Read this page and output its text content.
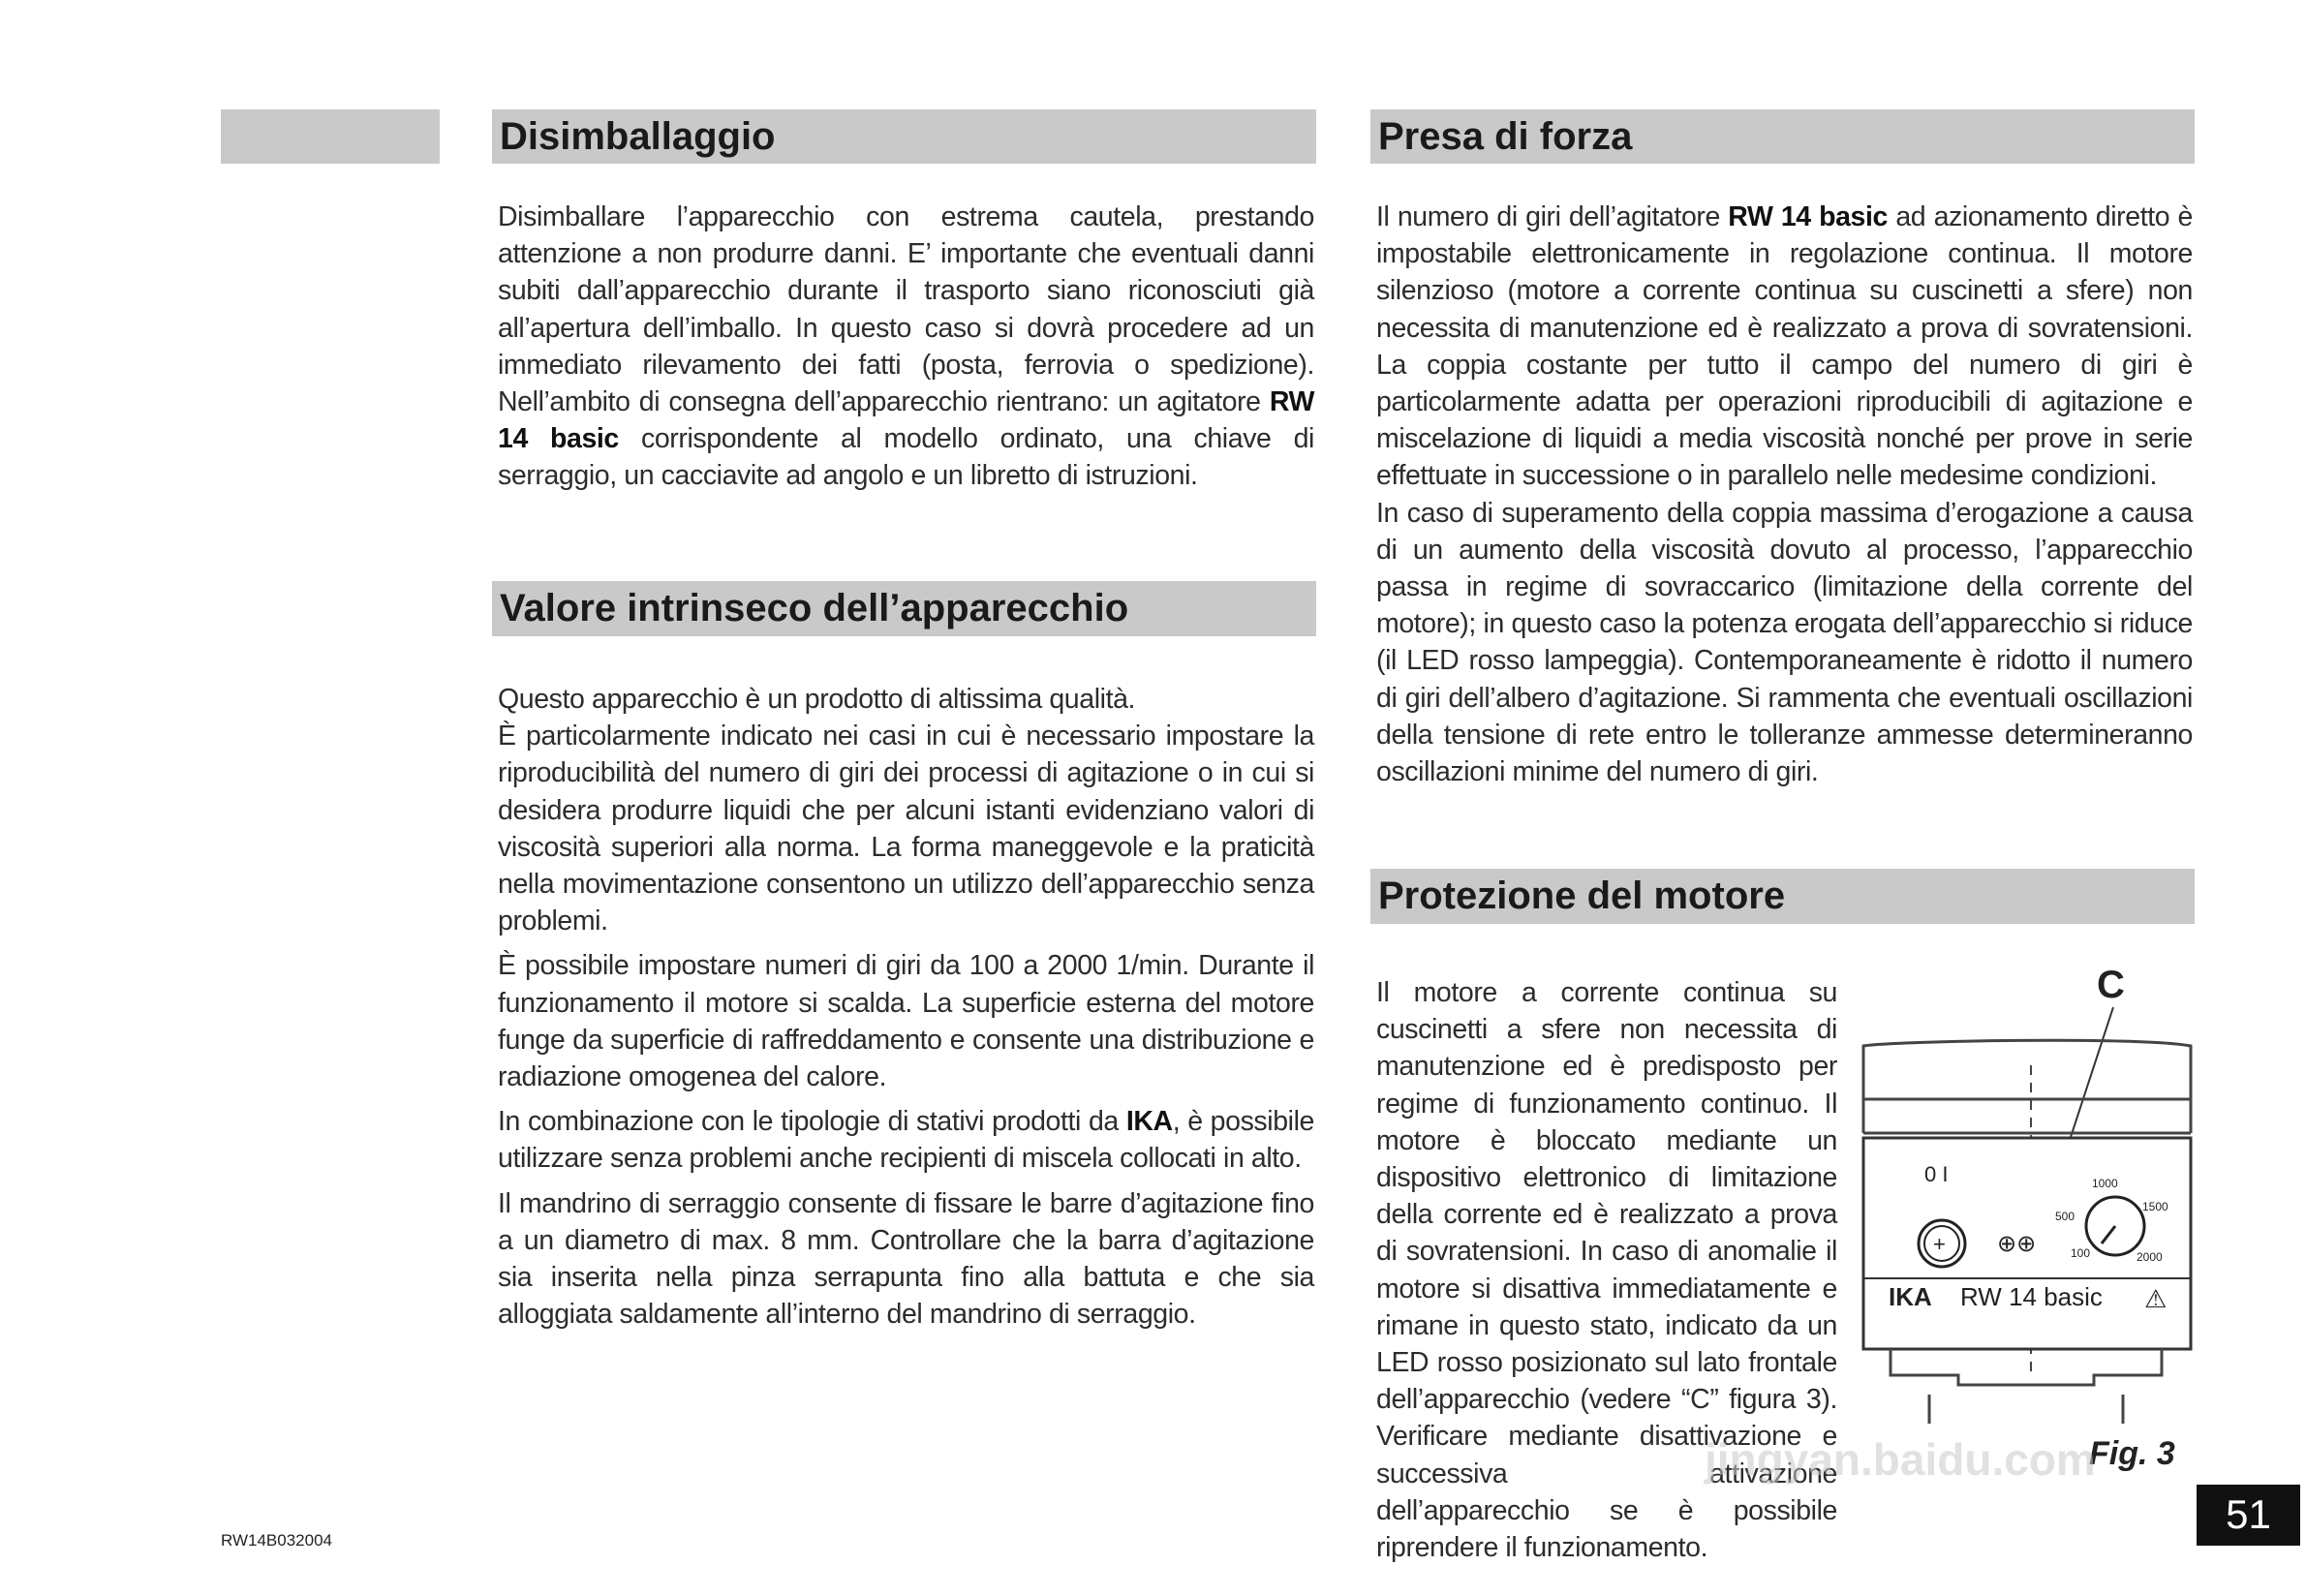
Disimballaggio

Disimballare l’apparecchio con estrema cautela, prestando attenzione a non produrre danni. E’ importante che eventuali danni subiti dall’apparecchio durante il trasporto siano riconosciuti già all’apertura dell’imballo. In questo caso si dovrà procedere ad un immediato rilevamento dei fatti (posta, ferrovia o spedizione). Nell’ambito di consegna dell’apparecchio rientrano: un agitatore RW 14 basic corrispondente al modello ordinato, una chiave di serraggio, un cacciavite ad angolo e un libretto di istruzioni.

Valore intrinseco dell’apparecchio

Questo apparecchio è un prodotto di altissima qualità.

È particolarmente indicato nei casi in cui è necessario impostare la riproducibilità del numero di giri dei processi di agitazione o in cui si desidera produrre liquidi che per alcuni istanti evidenziano valori di viscosità superiori alla norma. La forma maneggevole e la praticità nella movimentazione consentono un utilizzo dell’apparecchio senza problemi.

È possibile impostare numeri di giri da 100 a 2000 1/min. Durante il funzionamento il motore si scalda. La superficie esterna del motore funge da superficie di raffreddamento e consente una distribuzione e radiazione omogenea del calore.

In combinazione con le tipologie di stativi prodotti da IKA, è possibile utilizzare senza problemi anche recipienti di miscela collocati in alto.

Il mandrino di serraggio consente di fissare le barre d’agitazione fino a un diametro di max. 8 mm. Controllare che la barra d’agitazione sia inserita nella pinza serrapunta fino alla battuta e che sia alloggiata saldamente all’interno del mandrino di serraggio.

Presa di forza

Il numero di giri dell’agitatore RW 14 basic ad azionamento diretto è impostabile elettronicamente in regolazione continua. Il motore silenzioso (motore a corrente continua su cuscinetti a sfere) non necessita di manutenzione ed è realizzato a prova di sovratensioni. La coppia costante per tutto il campo del numero di giri è particolarmente adatta per operazioni riproducibili di agitazione e miscelazione di liquidi a media viscosità nonché per prove in serie effettuate in successione o in parallelo nelle medesime condizioni.

In caso di superamento della coppia massima d’erogazione a causa di un aumento della viscosità dovuto al processo, l’apparecchio passa in regime di sovraccarico (limitazione della corrente del motore); in questo caso la potenza erogata dell’apparecchio si riduce (il LED rosso lampeggia). Contemporaneamente è ridotto il numero di giri dell’albero d’agitazione. Si rammenta che eventuali oscillazioni della tensione di rete entro le tolleranze ammesse determineranno oscillazioni minime del numero di giri.

Protezione del motore

Il motore a corrente continua su cuscinetti a sfere non necessita di manutenzione ed è predisposto per regime di funzionamento continuo. Il motore è bloccato mediante un dispositivo elettronico di limitazione della corrente ed è realizzato a prova di sovratensioni. In caso di anomalie il motore si disattiva immediatamente e rimane in questo stato, indicato da un LED rosso posizionato sul lato frontale dell’apparecchio (vedere “C” figura 3). Verificare mediante disattivazione e successiva attivazione dell’apparecchio se è possibile riprendere il funzionamento.

C
0 I
+ ⊕⊕
1000
1500
500
100	2000
IKA RW 14 basic ⚠
Fig. 3
jingyan.baidu.com
RW14B032004
51
